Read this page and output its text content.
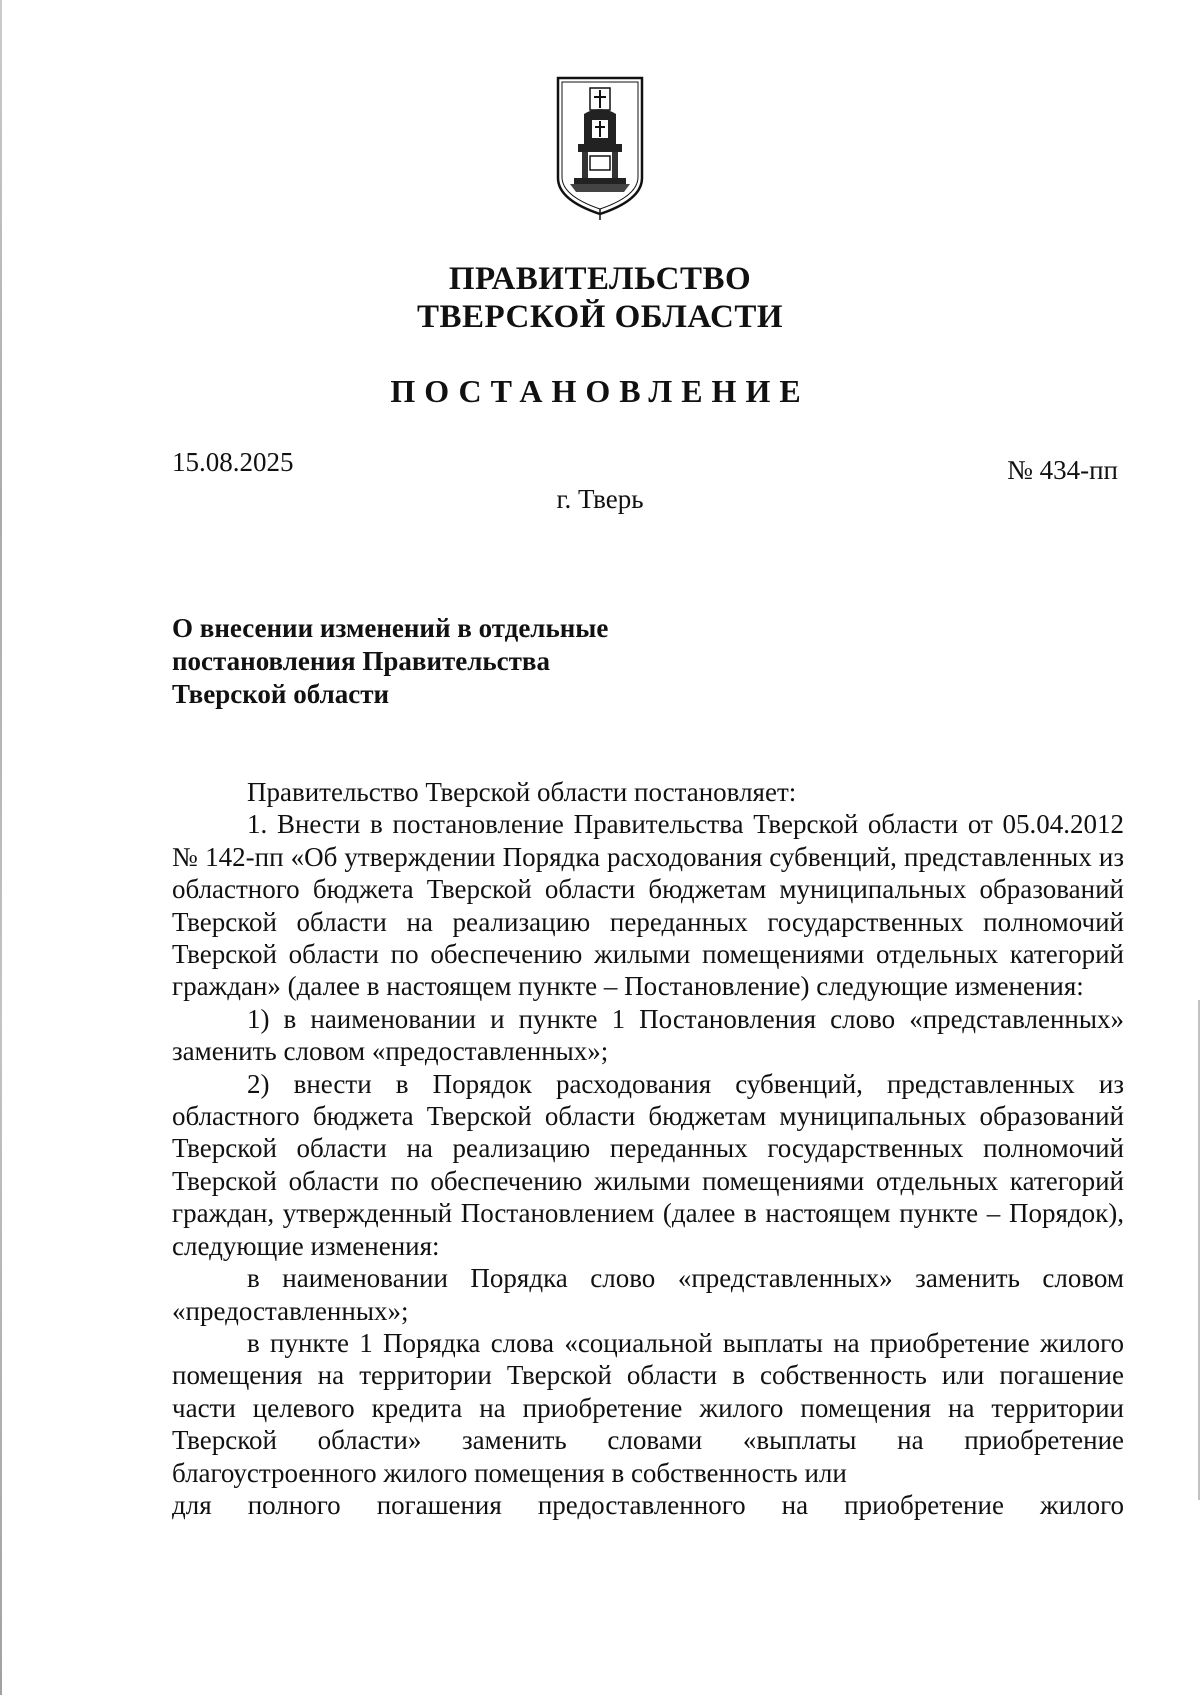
ПРАВИТЕЛЬСТВО
ТВЕРСКОЙ ОБЛАСТИ
ПОСТАНОВЛЕНИЕ
15.08.2025	№ 434-пп
г. Тверь
О внесении изменений в отдельные
постановления Правительства
Тверской области

Правительство Тверской области постановляет:

1. Внести в постановление Правительства Тверской области от 05.04.2012 № 142-пп «Об утверждении Порядка расходования субвенций, представленных из областного бюджета Тверской области бюджетам муниципальных образований Тверской области на реализацию переданных государственных полномочий Тверской области по обеспечению жилыми помещениями отдельных категорий граждан» (далее в настоящем пункте – Постановление) следующие изменения:

1) в наименовании и пункте 1 Постановления слово «представленных» заменить словом «предоставленных»;

2) внести в Порядок расходования субвенций, представленных из областного бюджета Тверской области бюджетам муниципальных образований Тверской области на реализацию переданных государственных полномочий Тверской области по обеспечению жилыми помещениями отдельных категорий граждан, утвержденный Постановлением (далее в настоящем пункте – Порядок), следующие изменения:

в наименовании Порядка слово «представленных» заменить словом «предоставленных»;

в пункте 1 Порядка слова «социальной выплаты на приобретение жилого помещения на территории Тверской области в собственность или погашение части целевого кредита на приобретение жилого помещения на территории Тверской области» заменить словами «выплаты на приобретение благоустроенного жилого помещения в собственность или

для полного погашения предоставленного на приобретение жилого
